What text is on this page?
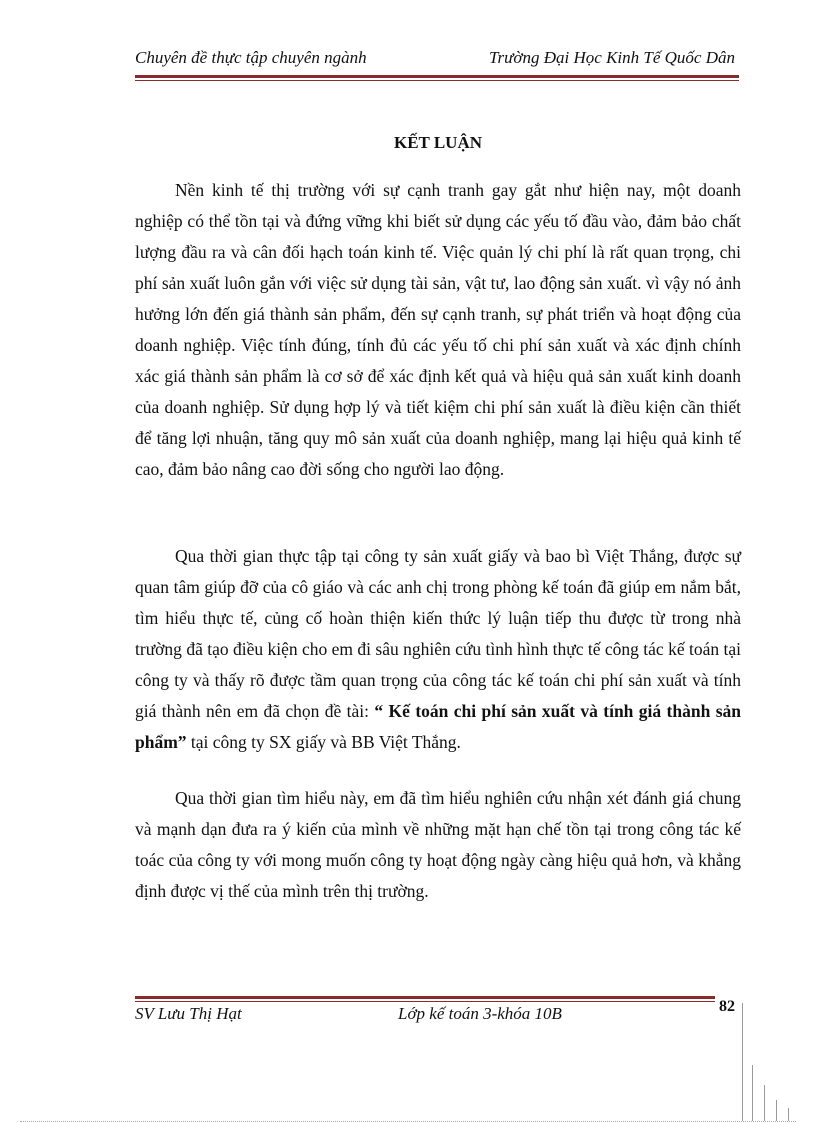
Chuyên đề thực tập chuyên ngành	Trường Đại Học Kinh Tế Quốc Dân
KẾT LUẬN

Nền kinh tế thị trường với sự cạnh tranh gay gắt như hiện nay, một doanh nghiệp có thể tồn tại và đứng vững khi biết sử dụng các yếu tố đầu vào, đảm bảo chất lượng đầu ra và cân đối hạch toán kinh tế. Việc quản lý chi phí là rất quan trọng, chi phí sản xuất luôn gắn với việc sử dụng tài sản, vật tư, lao động sản xuất. vì vậy nó ảnh hưởng lớn đến giá thành sản phẩm, đến sự cạnh tranh, sự phát triển và hoạt động của doanh nghiệp. Việc tính đúng, tính đủ các yếu tố chi phí sản xuất và xác định chính xác giá thành sản phẩm là cơ sở để xác định kết quả và hiệu quả sản xuất kinh doanh của doanh nghiệp. Sử dụng hợp lý và tiết kiệm chi phí sản xuất là điều kiện cần thiết để tăng lợi nhuận, tăng quy mô sản xuất của doanh nghiệp, mang lại hiệu quả kinh tế cao, đảm bảo nâng cao đời sống cho người lao động.

Qua thời gian thực tập tại công ty sản xuất giấy và bao bì Việt Thắng, được sự quan tâm giúp đỡ của cô giáo và các anh chị trong phòng kế toán đã giúp em nắm bắt, tìm hiểu thực tế, củng cố hoàn thiện kiến thức lý luận tiếp thu được từ trong nhà trường đã tạo điều kiện cho em đi sâu nghiên cứu tình hình thực tế công tác kế toán tại công ty và thấy rõ được tầm quan trọng của công tác kế toán chi phí sản xuất và tính giá thành nên em đã chọn đề tài: “ Kế toán chi phí sản xuất và tính giá thành sản phẩm” tại công ty SX giấy và BB Việt Thắng.

Qua thời gian tìm hiểu này, em đã tìm hiểu nghiên cứu nhận xét đánh giá chung và mạnh dạn đưa ra ý kiến của mình về những mặt hạn chế tồn tại trong công tác kế toác của công ty với mong muốn công ty hoạt động ngày càng hiệu quả hơn, và khẳng định được vị thế của mình trên thị trường.

SV Lưu Thị Hạt	Lớp kế toán 3-khóa 10B	82
